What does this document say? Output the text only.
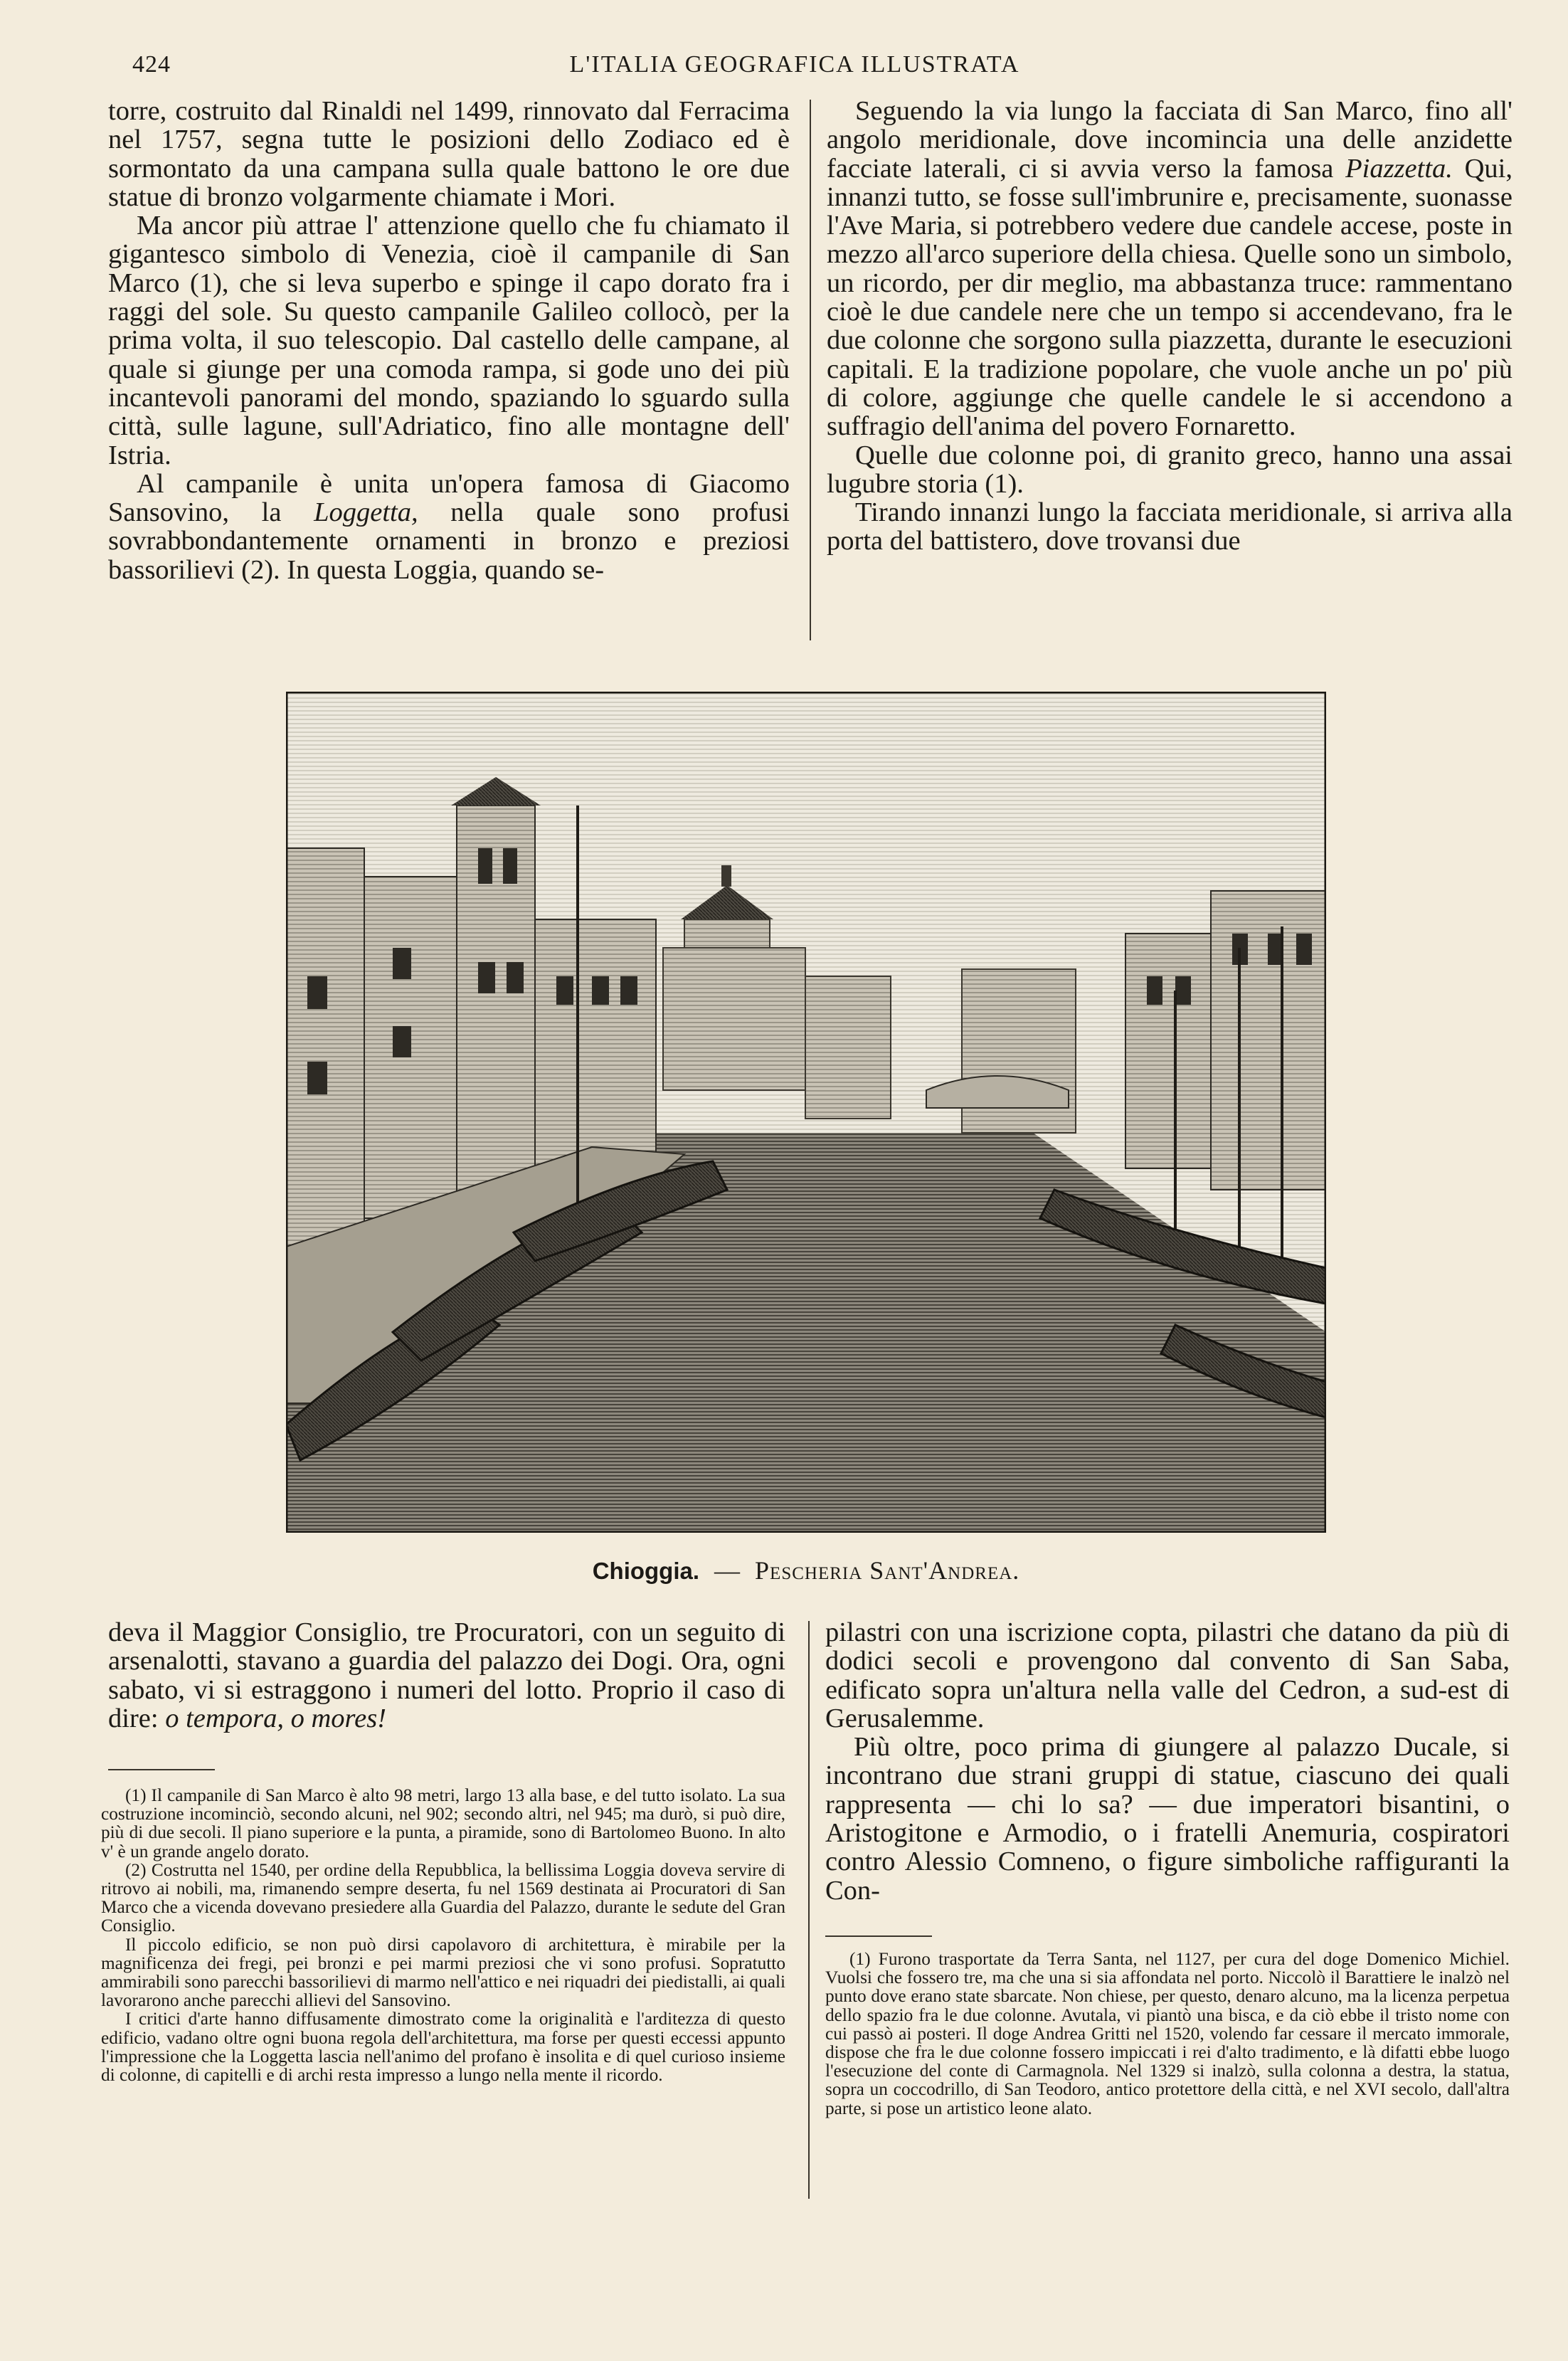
424	L'ITALIA GEOGRAFICA ILLUSTRATA

torre, costruito dal Rinaldi nel 1499, rinnovato dal Ferracima nel 1757, segna tutte le posizioni dello Zodiaco ed è sormontato da una campana sulla quale battono le ore due statue di bronzo volgarmente chiamate i Mori.

Ma ancor più attrae l' attenzione quello che fu chiamato il gigantesco simbolo di Venezia, cioè il campanile di San Marco (1), che si leva superbo e spinge il capo dorato fra i raggi del sole. Su questo campanile Galileo collocò, per la prima volta, il suo telescopio. Dal castello delle campane, al quale si giunge per una comoda rampa, si gode uno dei più incantevoli panorami del mondo, spaziando lo sguardo sulla città, sulle lagune, sull'Adriatico, fino alle montagne dell' Istria.

Al campanile è unita un'opera famosa di Giacomo Sansovino, la Loggetta, nella quale sono profusi sovrabbondantemente ornamenti in bronzo e preziosi bassorilievi (2). In questa Loggia, quando se-

Seguendo la via lungo la facciata di San Marco, fino all' angolo meridionale, dove incomincia una delle anzidette facciate laterali, ci si avvia verso la famosa Piazzetta. Qui, innanzi tutto, se fosse sull'imbrunire e, precisamente, suonasse l'Ave Maria, si potrebbero vedere due candele accese, poste in mezzo all'arco superiore della chiesa. Quelle sono un simbolo, un ricordo, per dir meglio, ma abbastanza truce: rammentano cioè le due candele nere che un tempo si accendevano, fra le due colonne che sorgono sulla piazzetta, durante le esecuzioni capitali. E la tradizione popolare, che vuole anche un po' più di colore, aggiunge che quelle candele le si accendono a suffragio dell'anima del povero Fornaretto.

Quelle due colonne poi, di granito greco, hanno una assai lugubre storia (1).

Tirando innanzi lungo la facciata meridionale, si arriva alla porta del battistero, dove trovansi due

Chioggia. — Pescheria Sant'Andrea.

deva il Maggior Consiglio, tre Procuratori, con un seguito di arsenalotti, stavano a guardia del palazzo dei Dogi. Ora, ogni sabato, vi si estraggono i numeri del lotto. Proprio il caso di dire: o tempora, o mores!

pilastri con una iscrizione copta, pilastri che datano da più di dodici secoli e provengono dal convento di San Saba, edificato sopra un'altura nella valle del Cedron, a sud-est di Gerusalemme.

Più oltre, poco prima di giungere al palazzo Ducale, si incontrano due strani gruppi di statue, ciascuno dei quali rappresenta — chi lo sa? — due imperatori bisantini, o Aristogitone e Armodio, o i fratelli Anemuria, cospiratori contro Alessio Comneno, o figure simboliche raffiguranti la Con-

(1) Il campanile di San Marco è alto 98 metri, largo 13 alla base, e del tutto isolato. La sua costruzione incominciò, secondo alcuni, nel 902; secondo altri, nel 945; ma durò, si può dire, più di due secoli. Il piano superiore e la punta, a piramide, sono di Bartolomeo Buono. In alto v' è un grande angelo dorato.

(2) Costrutta nel 1540, per ordine della Repubblica, la bellissima Loggia doveva servire di ritrovo ai nobili, ma, rimanendo sempre deserta, fu nel 1569 destinata ai Procuratori di San Marco che a vicenda dovevano presiedere alla Guardia del Palazzo, durante le sedute del Gran Consiglio.

Il piccolo edificio, se non può dirsi capolavoro di architettura, è mirabile per la magnificenza dei fregi, pei bronzi e pei marmi preziosi che vi sono profusi. Sopratutto ammirabili sono parecchi bassorilievi di marmo nell'attico e nei riquadri dei piedistalli, ai quali lavorarono anche parecchi allievi del Sansovino.

I critici d'arte hanno diffusamente dimostrato come la originalità e l'arditezza di questo edificio, vadano oltre ogni buona regola dell'architettura, ma forse per questi eccessi appunto l'impressione che la Loggetta lascia nell'animo del profano è insolita e di quel curioso insieme di colonne, di capitelli e di archi resta impresso a lungo nella mente il ricordo.

(1) Furono trasportate da Terra Santa, nel 1127, per cura del doge Domenico Michiel. Vuolsi che fossero tre, ma che una si sia affondata nel porto. Niccolò il Barattiere le inalzò nel punto dove erano state sbarcate. Non chiese, per questo, denaro alcuno, ma la licenza perpetua dello spazio fra le due colonne. Avutala, vi piantò una bisca, e da ciò ebbe il tristo nome con cui passò ai posteri. Il doge Andrea Gritti nel 1520, volendo far cessare il mercato immorale, dispose che fra le due colonne fossero impiccati i rei d'alto tradimento, e là difatti ebbe luogo l'esecuzione del conte di Carmagnola. Nel 1329 si inalzò, sulla colonna a destra, la statua, sopra un coccodrillo, di San Teodoro, antico protettore della città, e nel XVI secolo, dall'altra parte, si pose un artistico leone alato.
